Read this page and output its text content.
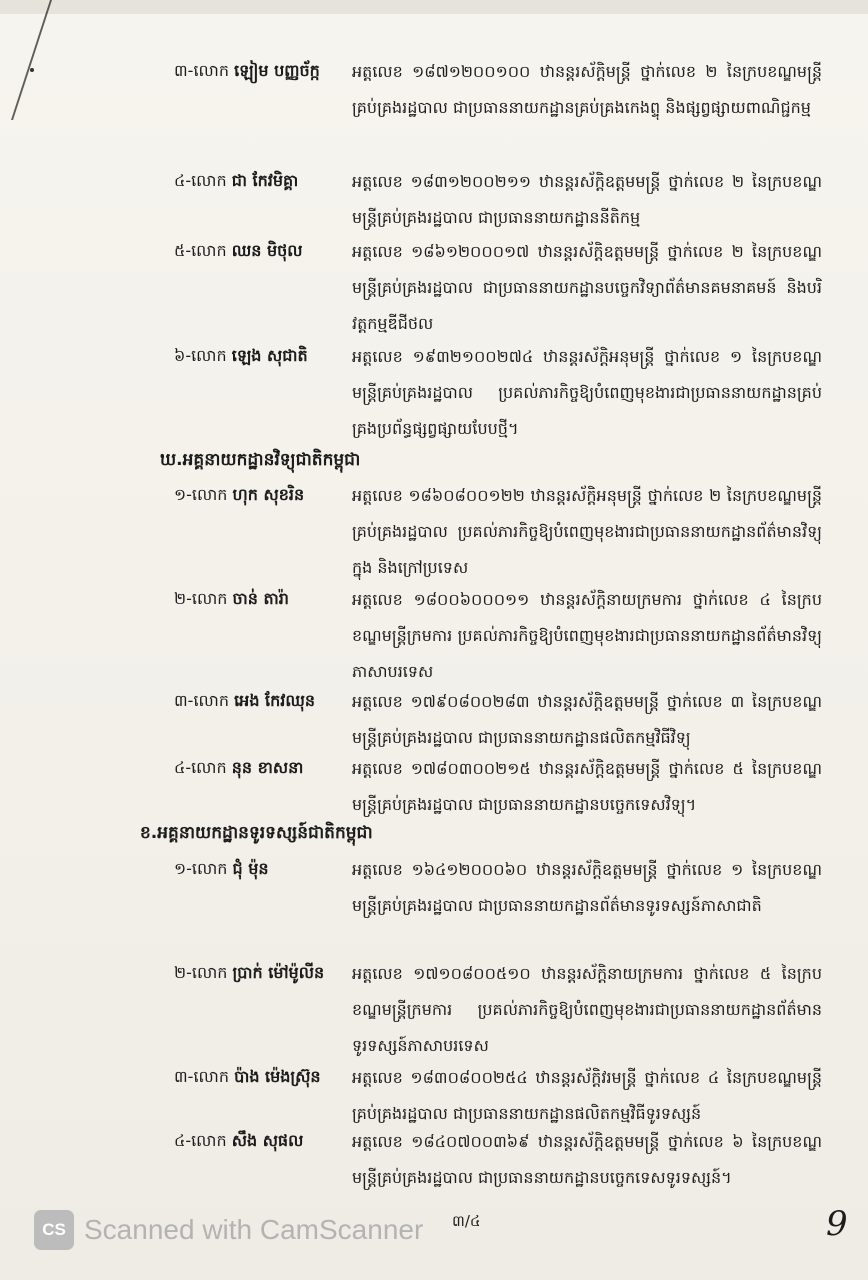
៣-លោក ឡៀម បញ្ញច័ក្ក អត្តលេខ ១៨៧១២០០១០០ ឋានន្តរស័ក្តិមន្ត្រី ថ្នាក់លេខ ២ នៃក្របខណ្ឌមន្ត្រីគ្រប់គ្រងរដ្ឋបាល ជាប្រធាននាយកដ្ឋានគ្រប់គ្រងកេងព្ទុ និងផ្សព្វផ្សាយពាណិជ្ជកម្ម
៤-លោក ជា កែវមិគ្គា	អត្តលេខ ១៨៣១២០០២១១ ឋានន្តរស័ក្តិឧត្តមមន្ត្រី ថ្នាក់លេខ ២ នៃក្របខណ្ឌមន្ត្រីគ្រប់គ្រងរដ្ឋបាល ជាប្រធាននាយកដ្ឋាននីតិកម្ម
៥-លោក ឈន មិថុល	អត្តលេខ ១៨៦១២០០០១៧ ឋានន្តរស័ក្តិឧត្តមមន្ត្រី ថ្នាក់លេខ ២ នៃក្របខណ្ឌមន្ត្រីគ្រប់គ្រងរដ្ឋបាល ជាប្រធាននាយកដ្ឋានបច្ចេកវិទ្យាព័ត៌មានគមនាគមន៍ និងបរិវត្តកម្មឌីជីថល
៦-លោក ឡេង សុជាតិ	អត្តលេខ ១៩៣២១០០២៧៤ ឋានន្តរស័ក្តិអនុមន្ត្រី ថ្នាក់លេខ ១ នៃក្របខណ្ឌមន្ត្រីគ្រប់គ្រងរដ្ឋបាល ប្រគល់ភារកិច្ចឱ្យបំពេញមុខងារជាប្រធាននាយកដ្ឋានគ្រប់គ្រងប្រព័ន្ធផ្សព្វផ្សាយបែបថ្មី។
ឃ.អគ្គនាយកដ្ឋានវិទ្យុជាតិកម្ពុជា
១-លោក ហុក សុខរិន	អត្តលេខ ១៨៦០៨០០១២២ ឋានន្តរស័ក្តិអនុមន្ត្រី ថ្នាក់លេខ ២ នៃក្របខណ្ឌមន្ត្រីគ្រប់គ្រងរដ្ឋបាល ប្រគល់ភារកិច្ចឱ្យបំពេញមុខងារជាប្រធាននាយកដ្ឋានព័ត៌មានវិទ្យុក្នុង និងក្រៅប្រទេស
២-លោក ចាន់ តារ៉ា	អត្តលេខ ១៨០០៦០០០១១ ឋានន្តរស័ក្តិនាយក្រមការ ថ្នាក់លេខ ៤ នៃក្របខណ្ឌមន្ត្រីក្រមការ ប្រគល់ភារកិច្ចឱ្យបំពេញមុខងារជាប្រធាននាយកដ្ឋានព័ត៌មានវិទ្យុភាសាបរទេស
៣-លោក អេង កែវឈុន អត្តលេខ ១៧៩០៨០០២៨៣ ឋានន្តរស័ក្តិឧត្តមមន្ត្រី ថ្នាក់លេខ ៣ នៃក្របខណ្ឌមន្ត្រីគ្រប់គ្រងរដ្ឋបាល ជាប្រធាននាយកដ្ឋានផលិតកម្មវិធីវិទ្យុ
៤-លោក នុន ខាសនា	អត្តលេខ ១៧៨០៣០០២១៥ ឋានន្តរស័ក្តិឧត្តមមន្ត្រី ថ្នាក់លេខ ៥ នៃក្របខណ្ឌមន្ត្រីគ្រប់គ្រងរដ្ឋបាល ជាប្រធាននាយកដ្ឋានបច្ចេកទេសវិទ្យុ។
ខ.អគ្គនាយកដ្ឋានទូរទស្សន៍ជាតិកម្ពុជា
១-លោក ជុំ ម៉ុន	អត្តលេខ ១៦៤១២០០០៦០ ឋានន្តរស័ក្តិឧត្តមមន្ត្រី ថ្នាក់លេខ ១ នៃក្របខណ្ឌមន្ត្រីគ្រប់គ្រងរដ្ឋបាល ជាប្រធាននាយកដ្ឋានព័ត៌មានទូរទស្សន៍ភាសាជាតិ
២-លោក ប្រាក់ ម៉ៅម៉ូលីន អត្តលេខ ១៧១០៨០០៥១០ ឋានន្តរស័ក្តិនាយក្រមការ ថ្នាក់លេខ ៥ នៃក្របខណ្ឌមន្ត្រីក្រមការ ប្រគល់ភារកិច្ចឱ្យបំពេញមុខងារជាប្រធាននាយកដ្ឋានព័ត៌មានទូរទស្សន៍ភាសាបរទេស
៣-លោក ប៉ាង ម៉េងស្រ៊ុន អត្តលេខ ១៨៣០៨០០២៥៤ ឋានន្តរស័ក្តិវរមន្ត្រី ថ្នាក់លេខ ៤ នៃក្របខណ្ឌមន្ត្រីគ្រប់គ្រងរដ្ឋបាល ជាប្រធាននាយកដ្ឋានផលិតកម្មវិធីទូរទស្សន៍
៤-លោក សឹង សុផល	អត្តលេខ ១៨៤០៧០០៣៦៩ ឋានន្តរស័ក្តិឧត្តមមន្ត្រី ថ្នាក់លេខ ៦ នៃក្របខណ្ឌមន្ត្រីគ្រប់គ្រងរដ្ឋបាល ជាប្រធាននាយកដ្ឋានបច្ចេកទេសទូរទស្សន៍។
CS Scanned with CamScanner ៣/៤	9
